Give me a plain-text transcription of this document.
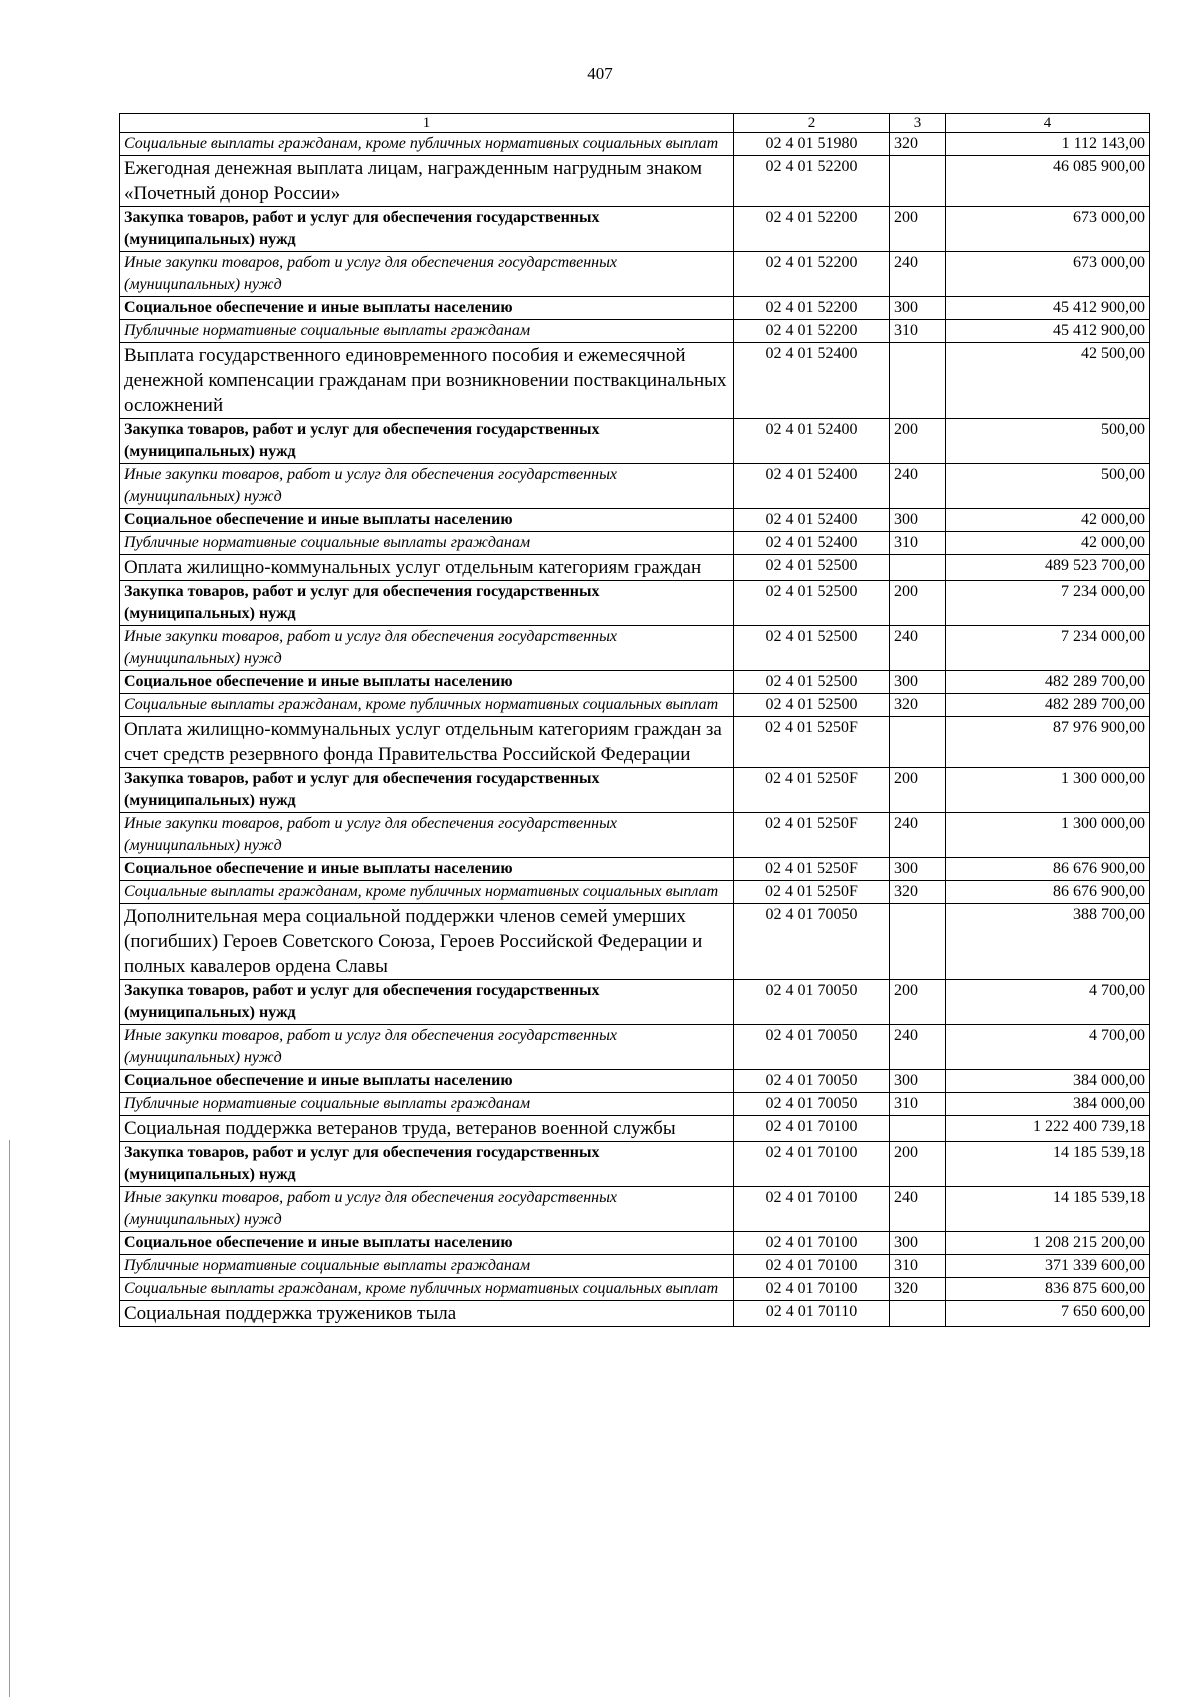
407
1	2	3	4
Социальные выплаты гражданам, кроме публичных нормативных социальных выплат	02 4 01 51980	320	1 112 143,00
Ежегодная денежная выплата лицам, награжденным нагрудным знаком «Почетный донор России»	02 4 01 52200		46 085 900,00
Закупка товаров, работ и услуг для обеспечения государственных (муниципальных) нужд	02 4 01 52200	200	673 000,00
Иные закупки товаров, работ и услуг для обеспечения государственных (муниципальных) нужд	02 4 01 52200	240	673 000,00
Социальное обеспечение и иные выплаты населению	02 4 01 52200	300	45 412 900,00
Публичные нормативные социальные выплаты гражданам	02 4 01 52200	310	45 412 900,00
Выплата государственного единовременного пособия и ежемесячной денежной компенсации гражданам при возникновении поствакцинальных осложнений	02 4 01 52400		42 500,00
Закупка товаров, работ и услуг для обеспечения государственных (муниципальных) нужд	02 4 01 52400	200	500,00
Иные закупки товаров, работ и услуг для обеспечения государственных (муниципальных) нужд	02 4 01 52400	240	500,00
Социальное обеспечение и иные выплаты населению	02 4 01 52400	300	42 000,00
Публичные нормативные социальные выплаты гражданам	02 4 01 52400	310	42 000,00
Оплата жилищно-коммунальных услуг отдельным категориям граждан	02 4 01 52500		489 523 700,00
Закупка товаров, работ и услуг для обеспечения государственных (муниципальных) нужд	02 4 01 52500	200	7 234 000,00
Иные закупки товаров, работ и услуг для обеспечения государственных (муниципальных) нужд	02 4 01 52500	240	7 234 000,00
Социальное обеспечение и иные выплаты населению	02 4 01 52500	300	482 289 700,00
Социальные выплаты гражданам, кроме публичных нормативных социальных выплат	02 4 01 52500	320	482 289 700,00
Оплата жилищно-коммунальных услуг отдельным категориям граждан за счет средств резервного фонда Правительства Российской Федерации	02 4 01 5250F		87 976 900,00
Закупка товаров, работ и услуг для обеспечения государственных (муниципальных) нужд	02 4 01 5250F	200	1 300 000,00
Иные закупки товаров, работ и услуг для обеспечения государственных (муниципальных) нужд	02 4 01 5250F	240	1 300 000,00
Социальное обеспечение и иные выплаты населению	02 4 01 5250F	300	86 676 900,00
Социальные выплаты гражданам, кроме публичных нормативных социальных выплат	02 4 01 5250F	320	86 676 900,00
Дополнительная мера социальной поддержки членов семей умерших (погибших) Героев Советского Союза, Героев Российской Федерации и полных кавалеров ордена Славы	02 4 01 70050		388 700,00
Закупка товаров, работ и услуг для обеспечения государственных (муниципальных) нужд	02 4 01 70050	200	4 700,00
Иные закупки товаров, работ и услуг для обеспечения государственных (муниципальных) нужд	02 4 01 70050	240	4 700,00
Социальное обеспечение и иные выплаты населению	02 4 01 70050	300	384 000,00
Публичные нормативные социальные выплаты гражданам	02 4 01 70050	310	384 000,00
Социальная поддержка ветеранов труда, ветеранов военной службы	02 4 01 70100		1 222 400 739,18
Закупка товаров, работ и услуг для обеспечения государственных (муниципальных) нужд	02 4 01 70100	200	14 185 539,18
Иные закупки товаров, работ и услуг для обеспечения государственных (муниципальных) нужд	02 4 01 70100	240	14 185 539,18
Социальное обеспечение и иные выплаты населению	02 4 01 70100	300	1 208 215 200,00
Публичные нормативные социальные выплаты гражданам	02 4 01 70100	310	371 339 600,00
Социальные выплаты гражданам, кроме публичных нормативных социальных выплат	02 4 01 70100	320	836 875 600,00
Социальная поддержка тружеников тыла	02 4 01 70110		7 650 600,00
